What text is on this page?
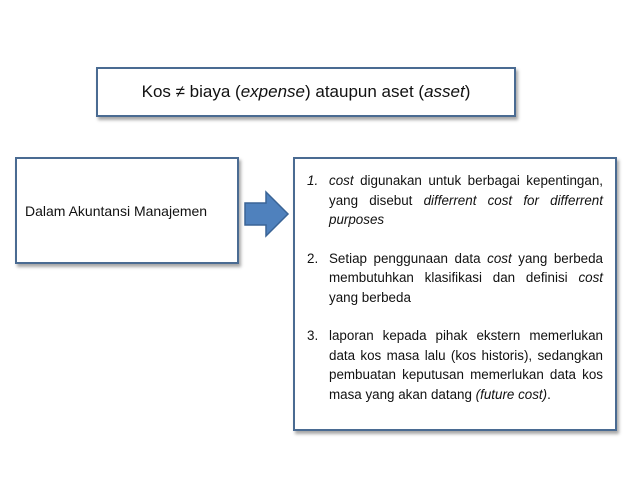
Kos ≠ biaya (expense) ataupun aset (asset)
Dalam Akuntansi Manajemen
1. cost digunakan untuk berbagai kepentingan, yang disebut differrent cost for differrent purposes
2. Setiap penggunaan data cost yang berbeda membutuhkan klasifikasi dan definisi cost yang berbeda
3. laporan kepada pihak ekstern memerlukan data kos masa lalu (kos historis), sedangkan pembuatan keputusan memerlukan data kos masa yang akan datang (future cost).
